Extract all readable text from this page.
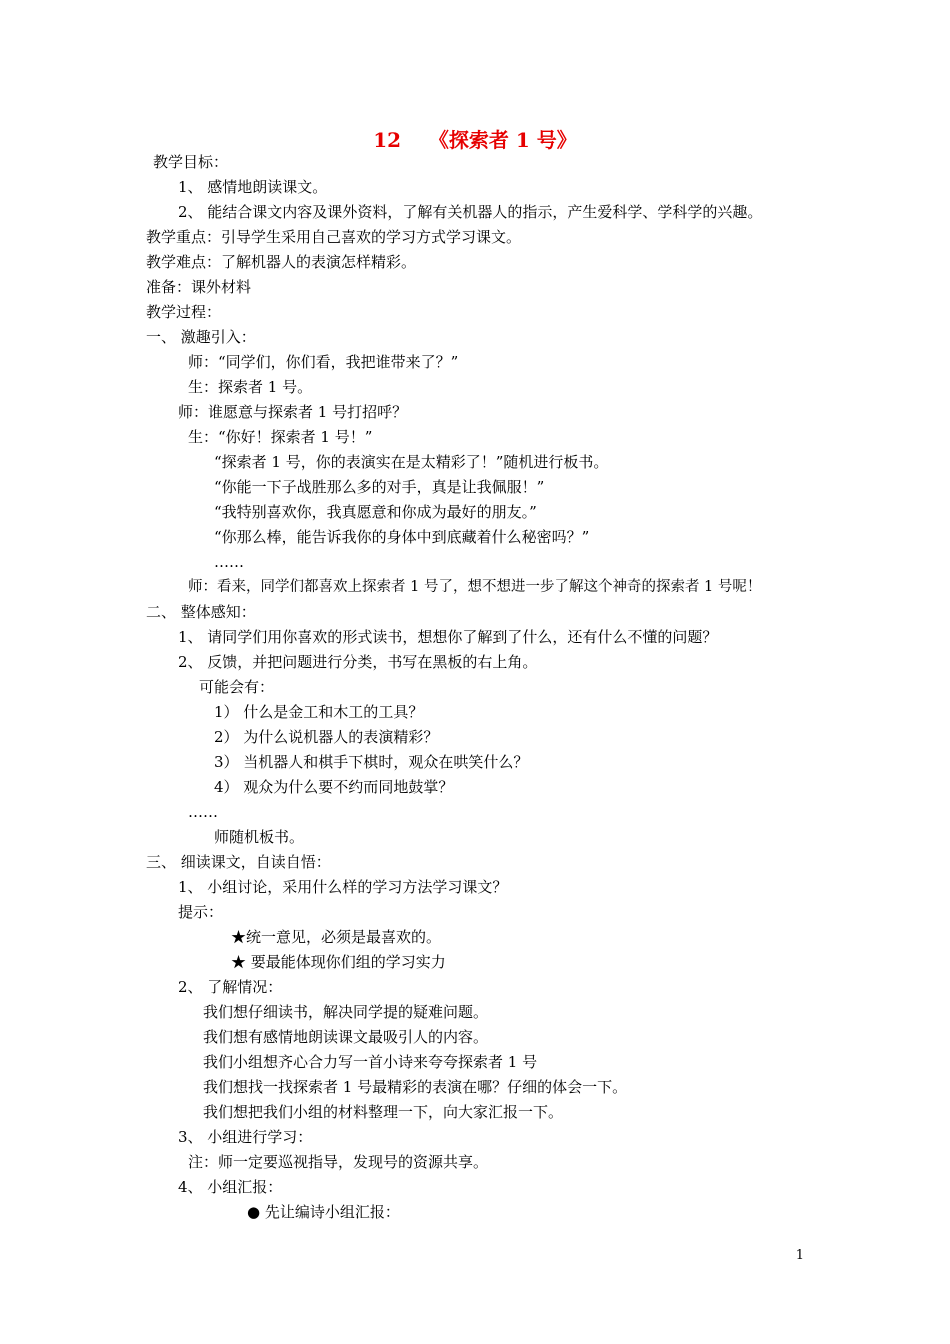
12    《探索者 1 号》
教学目标：
1、 感情地朗读课文。
2、 能结合课文内容及课外资料，了解有关机器人的指示，产生爱科学、学科学的兴趣。
教学重点：引导学生采用自己喜欢的学习方式学习课文。
教学难点：了解机器人的表演怎样精彩。
准备：课外材料
教学过程：
一、 激趣引入：
师：“同学们，你们看，我把谁带来了？”
生：探索者 1 号。
师：谁愿意与探索者 1 号打招呼？
生：“你好！探索者 1 号！”
“探索者 1 号，你的表演实在是太精彩了！”随机进行板书。
“你能一下子战胜那么多的对手，真是让我佩服！”
“我特别喜欢你，我真愿意和你成为最好的朋友。”
“你那么棒，能告诉我你的身体中到底藏着什么秘密吗？”
……
师：看来，同学们都喜欢上探索者 1 号了，想不想进一步了解这个神奇的探索者 1 号呢！
二、 整体感知：
1、 请同学们用你喜欢的形式读书，想想你了解到了什么，还有什么不懂的问题？
2、 反馈，并把问题进行分类，书写在黑板的右上角。
可能会有：
1） 什么是金工和木工的工具？
2） 为什么说机器人的表演精彩？
3） 当机器人和棋手下棋时，观众在哄笑什么？
4） 观众为什么要不约而同地鼓掌？
……
师随机板书。
三、 细读课文，自读自悟：
1、 小组讨论，采用什么样的学习方法学习课文？
提示：
★统一意见，必须是最喜欢的。
★ 要最能体现你们组的学习实力
2、 了解情况：
我们想仔细读书，解决同学提的疑难问题。
我们想有感情地朗读课文最吸引人的内容。
我们小组想齐心合力写一首小诗来夸夸探索者 1 号
我们想找一找探索者 1 号最精彩的表演在哪？仔细的体会一下。
我们想把我们小组的材料整理一下，向大家汇报一下。
3、 小组进行学习：
注：师一定要巡视指导，发现号的资源共享。
4、 小组汇报：
● 先让编诗小组汇报：
1
